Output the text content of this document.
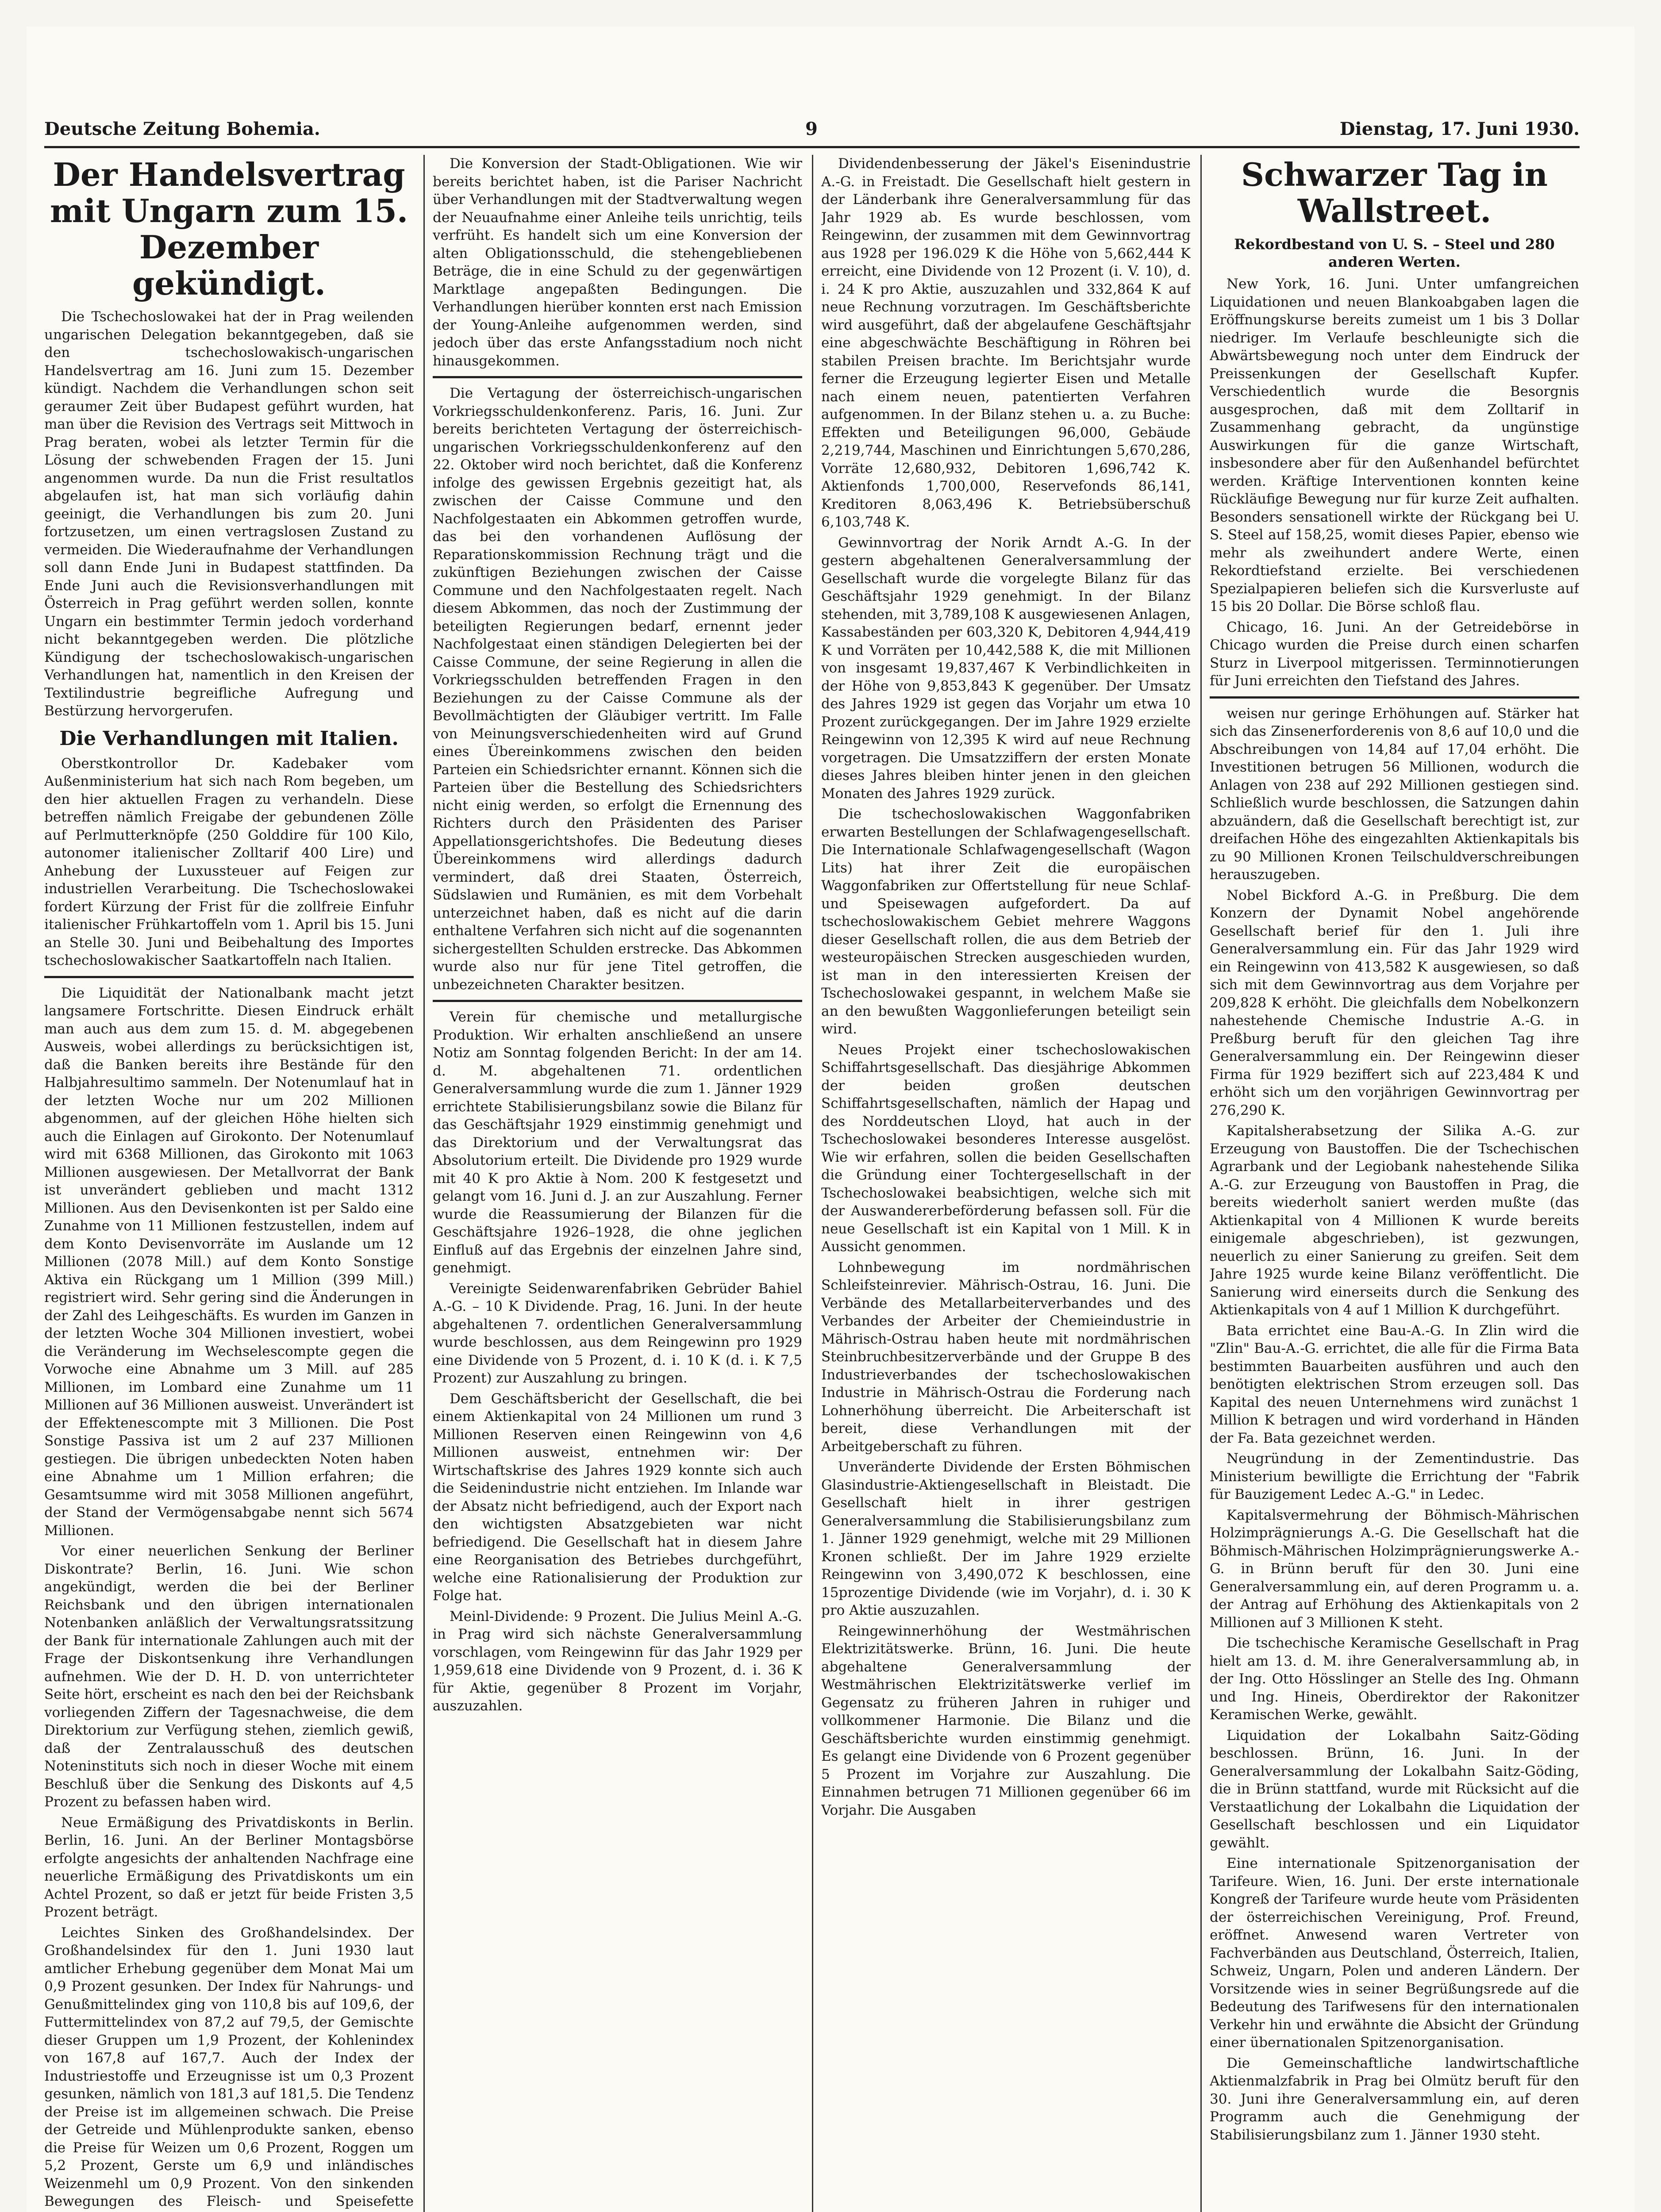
Deutsche Zeitung Bohemia.	9	Dienstag, 17. Juni 1930.
Der Handelsvertrag mit Ungarn zum 15. Dezember gekündigt.

Die Tschechoslowakei hat der in Prag weilenden ungarischen Delegation bekanntgegeben, daß sie den tschechoslowakisch-ungarischen Handelsvertrag am 16. Juni zum 15. Dezember kündigt. Nachdem die Verhandlungen schon seit geraumer Zeit über Budapest geführt wurden, hat man über die Revision des Vertrags seit Mittwoch in Prag beraten, wobei als letzter Termin für die Lösung der schwebenden Fragen der 15. Juni angenommen wurde. Da nun die Frist resultatlos abgelaufen ist, hat man sich vorläufig dahin geeinigt, die Verhandlungen bis zum 20. Juni fortzusetzen, um einen vertragslosen Zustand zu vermeiden. Die Wiederaufnahme der Verhandlungen soll dann Ende Juni in Budapest stattfinden. Da Ende Juni auch die Revisionsverhandlungen mit Österreich in Prag geführt werden sollen, konnte Ungarn ein bestimmter Termin jedoch vorderhand nicht bekanntgegeben werden. Die plötzliche Kündigung der tschechoslowakisch-ungarischen Verhandlungen hat, namentlich in den Kreisen der Textilindustrie begreifliche Aufregung und Bestürzung hervorgerufen.

Die Verhandlungen mit Italien.

Oberstkontrollor Dr. Kadebaker vom Außenministerium hat sich nach Rom begeben, um den hier aktuellen Fragen zu verhandeln. Diese betreffen nämlich Freigabe der gebundenen Zölle auf Perlmutterknöpfe (250 Golddire für 100 Kilo, autonomer italienischer Zolltarif 400 Lire) und Anhebung der Luxussteuer auf Feigen zur industriellen Verarbeitung. Die Tschechoslowakei fordert Kürzung der Frist für die zollfreie Einfuhr italienischer Frühkartoffeln vom 1. April bis 15. Juni an Stelle 30. Juni und Beibehaltung des Importes tschechoslowakischer Saatkartoffeln nach Italien.

Die Liquidität der Nationalbank macht jetzt langsamere Fortschritte. Diesen Eindruck erhält man auch aus dem zum 15. d. M. abgegebenen Ausweis, wobei allerdings zu berücksichtigen ist, daß die Banken bereits ihre Bestände für den Halbjahresultimo sammeln. Der Notenumlauf hat in der letzten Woche nur um 202 Millionen abgenommen, auf der gleichen Höhe hielten sich auch die Einlagen auf Girokonto. Der Notenumlauf wird mit 6368 Millionen, das Girokonto mit 1063 Millionen ausgewiesen. Der Metallvorrat der Bank ist unverändert geblieben und macht 1312 Millionen. Aus den Devisenkonten ist per Saldo eine Zunahme von 11 Millionen festzustellen, indem auf dem Konto Devisenvorräte im Auslande um 12 Millionen (2078 Mill.) auf dem Konto Sonstige Aktiva ein Rückgang um 1 Million (399 Mill.) registriert wird. Sehr gering sind die Änderungen in der Zahl des Leihgeschäfts. Es wurden im Ganzen in der letzten Woche 304 Millionen investiert, wobei die Veränderung im Wechselescompte gegen die Vorwoche eine Abnahme um 3 Mill. auf 285 Millionen, im Lombard eine Zunahme um 11 Millionen auf 36 Millionen ausweist. Unverändert ist der Effektenescompte mit 3 Millionen. Die Post Sonstige Passiva ist um 2 auf 237 Millionen gestiegen. Die übrigen unbedeckten Noten haben eine Abnahme um 1 Million erfahren; die Gesamtsumme wird mit 3058 Millionen angeführt, der Stand der Vermögensabgabe nennt sich 5674 Millionen.

Vor einer neuerlichen Senkung der Berliner Diskontrate? Berlin, 16. Juni. Wie schon angekündigt, werden die bei der Berliner Reichsbank und den übrigen internationalen Notenbanken anläßlich der Verwaltungsratssitzung der Bank für internationale Zahlungen auch mit der Frage der Diskontsenkung ihre Verhandlungen aufnehmen. Wie der D. H. D. von unterrichteter Seite hört, erscheint es nach den bei der Reichsbank vorliegenden Ziffern der Tagesnachweise, die dem Direktorium zur Verfügung stehen, ziemlich gewiß, daß der Zentralausschuß des deutschen Noteninstituts sich noch in dieser Woche mit einem Beschluß über die Senkung des Diskonts auf 4,5 Prozent zu befassen haben wird.

Neue Ermäßigung des Privatdiskonts in Berlin. Berlin, 16. Juni. An der Berliner Montagsbörse erfolgte angesichts der anhaltenden Nachfrage eine neuerliche Ermäßigung des Privatdiskonts um ein Achtel Prozent, so daß er jetzt für beide Fristen 3,5 Prozent beträgt.

Leichtes Sinken des Großhandelsindex. Der Großhandelsindex für den 1. Juni 1930 laut amtlicher Erhebung gegenüber dem Monat Mai um 0,9 Prozent gesunken. Der Index für Nahrungs- und Genußmittelindex ging von 110,8 bis auf 109,6, der Futtermittelindex von 87,2 auf 79,5, der Gemischte dieser Gruppen um 1,9 Prozent, der Kohlenindex von 167,8 auf 167,7. Auch der Index der Industriestoffe und Erzeugnisse ist um 0,3 Prozent gesunken, nämlich von 181,3 auf 181,5. Die Tendenz der Preise ist im allgemeinen schwach. Die Preise der Getreide und Mühlenprodukte sanken, ebenso die Preise für Weizen um 0,6 Prozent, Roggen um 5,2 Prozent, Gerste um 6,9 und inländisches Weizenmehl um 0,9 Prozent. Von den sinkenden Bewegungen des Fleisch- und Speisefette

Die Konversion der Stadt-Obligationen. Wie wir bereits berichtet haben, ist die Pariser Nachricht über Verhandlungen mit der Stadtverwaltung wegen der Neuaufnahme einer Anleihe teils unrichtig, teils verfrüht. Es handelt sich um eine Konversion der alten Obligationsschuld, die stehengebliebenen Beträge, die in eine Schuld zu der gegenwärtigen Marktlage angepaßten Bedingungen. Die Verhandlungen hierüber konnten erst nach Emission der Young-Anleihe aufgenommen werden, sind jedoch über das erste Anfangsstadium noch nicht hinausgekommen.

Die Vertagung der österreichisch-ungarischen Vorkriegsschuldenkonferenz. Paris, 16. Juni. Zur bereits berichteten Vertagung der österreichisch-ungarischen Vorkriegsschuldenkonferenz auf den 22. Oktober wird noch berichtet, daß die Konferenz infolge des gewissen Ergebnis gezeitigt hat, als zwischen der Caisse Commune und den Nachfolgestaaten ein Abkommen getroffen wurde, das bei den vorhandenen Auflösung der Reparationskommission Rechnung trägt und die zukünftigen Beziehungen zwischen der Caisse Commune und den Nachfolgestaaten regelt. Nach diesem Abkommen, das noch der Zustimmung der beteiligten Regierungen bedarf, ernennt jeder Nachfolgestaat einen ständigen Delegierten bei der Caisse Commune, der seine Regierung in allen die Vorkriegsschulden betreffenden Fragen in den Beziehungen zu der Caisse Commune als der Bevollmächtigten der Gläubiger vertritt. Im Falle von Meinungsverschiedenheiten wird auf Grund eines Übereinkommens zwischen den beiden Parteien ein Schiedsrichter ernannt. Können sich die Parteien über die Bestellung des Schiedsrichters nicht einig werden, so erfolgt die Ernennung des Richters durch den Präsidenten des Pariser Appellationsgerichtshofes. Die Bedeutung dieses Übereinkommens wird allerdings dadurch vermindert, daß drei Staaten, Österreich, Südslawien und Rumänien, es mit dem Vorbehalt unterzeichnet haben, daß es nicht auf die darin enthaltene Verfahren sich nicht auf die sogenannten sichergestellten Schulden erstrecke. Das Abkommen wurde also nur für jene Titel getroffen, die unbezeichneten Charakter besitzen.

Verein für chemische und metallurgische Produktion. Wir erhalten anschließend an unsere Notiz am Sonntag folgenden Bericht: In der am 14. d. M. abgehaltenen 71. ordentlichen Generalversammlung wurde die zum 1. Jänner 1929 errichtete Stabilisierungsbilanz sowie die Bilanz für das Geschäftsjahr 1929 einstimmig genehmigt und das Direktorium und der Verwaltungsrat das Absolutorium erteilt. Die Dividende pro 1929 wurde mit 40 K pro Aktie à Nom. 200 K festgesetzt und gelangt vom 16. Juni d. J. an zur Auszahlung. Ferner wurde die Reassumierung der Bilanzen für die Geschäftsjahre 1926–1928, die ohne jeglichen Einfluß auf das Ergebnis der einzelnen Jahre sind, genehmigt.

Vereinigte Seidenwarenfabriken Gebrüder Bahiel A.-G. – 10 K Dividende. Prag, 16. Juni. In der heute abgehaltenen 7. ordentlichen Generalversammlung wurde beschlossen, aus dem Reingewinn pro 1929 eine Dividende von 5 Prozent, d. i. 10 K (d. i. K 7,5 Prozent) zur Auszahlung zu bringen.

Dem Geschäftsbericht der Gesellschaft, die bei einem Aktienkapital von 24 Millionen um rund 3 Millionen Reserven einen Reingewinn von 4,6 Millionen ausweist, entnehmen wir: Der Wirtschaftskrise des Jahres 1929 konnte sich auch die Seidenindustrie nicht entziehen. Im Inlande war der Absatz nicht befriedigend, auch der Export nach den wichtigsten Absatzgebieten war nicht befriedigend. Die Gesellschaft hat in diesem Jahre eine Reorganisation des Betriebes durchgeführt, welche eine Rationalisierung der Produktion zur Folge hat.

Meinl-Dividende: 9 Prozent. Die Julius Meinl A.-G. in Prag wird sich nächste Generalversammlung vorschlagen, vom Reingewinn für das Jahr 1929 per 1,959,618 eine Dividende von 9 Prozent, d. i. 36 K für Aktie, gegenüber 8 Prozent im Vorjahr, auszuzahlen.

Dividendenbesserung der Jäkel's Eisenindustrie A.-G. in Freistadt. Die Gesellschaft hielt gestern in der Länderbank ihre Generalversammlung für das Jahr 1929 ab. Es wurde beschlossen, vom Reingewinn, der zusammen mit dem Gewinnvortrag aus 1928 per 196.029 K die Höhe von 5,662,444 K erreicht, eine Dividende von 12 Prozent (i. V. 10), d. i. 24 K pro Aktie, auszuzahlen und 332,864 K auf neue Rechnung vorzutragen. Im Geschäftsberichte wird ausgeführt, daß der abgelaufene Geschäftsjahr eine abgeschwächte Beschäftigung in Röhren bei stabilen Preisen brachte. Im Berichtsjahr wurde ferner die Erzeugung legierter Eisen und Metalle nach einem neuen, patentierten Verfahren aufgenommen. In der Bilanz stehen u. a. zu Buche: Effekten und Beteiligungen 96,000, Gebäude 2,219,744, Maschinen und Einrichtungen 5,670,286, Vorräte 12,680,932, Debitoren 1,696,742 K. Aktienfonds 1,700,000, Reservefonds 86,141, Kreditoren 8,063,496 K. Betriebsüberschuß 6,103,748 K.

Gewinnvortrag der Norik Arndt A.-G. In der gestern abgehaltenen Generalversammlung der Gesellschaft wurde die vorgelegte Bilanz für das Geschäftsjahr 1929 genehmigt. In der Bilanz stehenden, mit 3,789,108 K ausgewiesenen Anlagen, Kassabeständen per 603,320 K, Debitoren 4,944,419 K und Vorräten per 10,442,588 K, die mit Millionen von insgesamt 19,837,467 K Verbindlichkeiten in der Höhe von 9,853,843 K gegenüber. Der Umsatz des Jahres 1929 ist gegen das Vorjahr um etwa 10 Prozent zurückgegangen. Der im Jahre 1929 erzielte Reingewinn von 12,395 K wird auf neue Rechnung vorgetragen. Die Umsatzziffern der ersten Monate dieses Jahres bleiben hinter jenen in den gleichen Monaten des Jahres 1929 zurück.

Die tschechoslowakischen Waggonfabriken erwarten Bestellungen der Schlafwagengesellschaft. Die Internationale Schlafwagengesellschaft (Wagon Lits) hat ihrer Zeit die europäischen Waggonfabriken zur Offertstellung für neue Schlaf- und Speisewagen aufgefordert. Da auf tschechoslowakischem Gebiet mehrere Waggons dieser Gesellschaft rollen, die aus dem Betrieb der westeuropäischen Strecken ausgeschieden wurden, ist man in den interessierten Kreisen der Tschechoslowakei gespannt, in welchem Maße sie an den bewußten Waggonlieferungen beteiligt sein wird.

Neues Projekt einer tschechoslowakischen Schiffahrtsgesellschaft. Das diesjährige Abkommen der beiden großen deutschen Schiffahrtsgesellschaften, nämlich der Hapag und des Norddeutschen Lloyd, hat auch in der Tschechoslowakei besonderes Interesse ausgelöst. Wie wir erfahren, sollen die beiden Gesellschaften die Gründung einer Tochtergesellschaft in der Tschechoslowakei beabsichtigen, welche sich mit der Auswandererbeförderung befassen soll. Für die neue Gesellschaft ist ein Kapital von 1 Mill. K in Aussicht genommen.

Lohnbewegung im nordmährischen Schleifsteinrevier. Mährisch-Ostrau, 16. Juni. Die Verbände des Metallarbeiterverbandes und des Verbandes der Arbeiter der Chemieindustrie in Mährisch-Ostrau haben heute mit nordmährischen Steinbruchbesitzerverbände und der Gruppe B des Industrieverbandes der tschechoslowakischen Industrie in Mährisch-Ostrau die Forderung nach Lohnerhöhung überreicht. Die Arbeiterschaft ist bereit, diese Verhandlungen mit der Arbeitgeberschaft zu führen.

Unveränderte Dividende der Ersten Böhmischen Glasindustrie-Aktiengesellschaft in Bleistadt. Die Gesellschaft hielt in ihrer gestrigen Generalversammlung die Stabilisierungsbilanz zum 1. Jänner 1929 genehmigt, welche mit 29 Millionen Kronen schließt. Der im Jahre 1929 erzielte Reingewinn von 3,490,072 K beschlossen, eine 15prozentige Dividende (wie im Vorjahr), d. i. 30 K pro Aktie auszuzahlen.

Reingewinnerhöhung der Westmährischen Elektrizitätswerke. Brünn, 16. Juni. Die heute abgehaltene Generalversammlung der Westmährischen Elektrizitätswerke verlief im Gegensatz zu früheren Jahren in ruhiger und vollkommener Harmonie. Die Bilanz und die Geschäftsberichte wurden einstimmig genehmigt. Es gelangt eine Dividende von 6 Prozent gegenüber 5 Prozent im Vorjahre zur Auszahlung. Die Einnahmen betrugen 71 Millionen gegenüber 66 im Vorjahr. Die Ausgaben

Schwarzer Tag in Wallstreet.
Rekordbestand von U. S. – Steel und 280 anderen Werten.

New York, 16. Juni. Unter umfangreichen Liquidationen und neuen Blankoabgaben lagen die Eröffnungskurse bereits zumeist um 1 bis 3 Dollar niedriger. Im Verlaufe beschleunigte sich die Abwärtsbewegung noch unter dem Eindruck der Preissenkungen der Gesellschaft Kupfer. Verschiedentlich wurde die Besorgnis ausgesprochen, daß mit dem Zolltarif in Zusammenhang gebracht, da ungünstige Auswirkungen für die ganze Wirtschaft, insbesondere aber für den Außenhandel befürchtet werden. Kräftige Interventionen konnten keine Rückläufige Bewegung nur für kurze Zeit aufhalten. Besonders sensationell wirkte der Rückgang bei U. S. Steel auf 158,25, womit dieses Papier, ebenso wie mehr als zweihundert andere Werte, einen Rekordtiefstand erzielte. Bei verschiedenen Spezialpapieren beliefen sich die Kursverluste auf 15 bis 20 Dollar. Die Börse schloß flau.

Chicago, 16. Juni. An der Getreidebörse in Chicago wurden die Preise durch einen scharfen Sturz in Liverpool mitgerissen. Terminnotierungen für Juni erreichten den Tiefstand des Jahres.

weisen nur geringe Erhöhungen auf. Stärker hat sich das Zinsenerforderenis von 8,6 auf 10,0 und die Abschreibungen von 14,84 auf 17,04 erhöht. Die Investitionen betrugen 56 Millionen, wodurch die Anlagen von 238 auf 292 Millionen gestiegen sind. Schließlich wurde beschlossen, die Satzungen dahin abzuändern, daß die Gesellschaft berechtigt ist, zur dreifachen Höhe des eingezahlten Aktienkapitals bis zu 90 Millionen Kronen Teilschuldverschreibungen herauszugeben.

Nobel Bickford A.-G. in Preßburg. Die dem Konzern der Dynamit Nobel angehörende Gesellschaft berief für den 1. Juli ihre Generalversammlung ein. Für das Jahr 1929 wird ein Reingewinn von 413,582 K ausgewiesen, so daß sich mit dem Gewinnvortrag aus dem Vorjahre per 209,828 K erhöht. Die gleichfalls dem Nobelkonzern nahestehende Chemische Industrie A.-G. in Preßburg beruft für den gleichen Tag ihre Generalversammlung ein. Der Reingewinn dieser Firma für 1929 beziffert sich auf 223,484 K und erhöht sich um den vorjährigen Gewinnvortrag per 276,290 K.

Kapitalsherabsetzung der Silika A.-G. zur Erzeugung von Baustoffen. Die der Tschechischen Agrarbank und der Legiobank nahestehende Silika A.-G. zur Erzeugung von Baustoffen in Prag, die bereits wiederholt saniert werden mußte (das Aktienkapital von 4 Millionen K wurde bereits einigemale abgeschrieben), ist gezwungen, neuerlich zu einer Sanierung zu greifen. Seit dem Jahre 1925 wurde keine Bilanz veröffentlicht. Die Sanierung wird einerseits durch die Senkung des Aktienkapitals von 4 auf 1 Million K durchgeführt.

Bata errichtet eine Bau-A.-G. In Zlin wird die "Zlin" Bau-A.-G. errichtet, die alle für die Firma Bata bestimmten Bauarbeiten ausführen und auch den benötigten elektrischen Strom erzeugen soll. Das Kapital des neuen Unternehmens wird zunächst 1 Million K betragen und wird vorderhand in Händen der Fa. Bata gezeichnet werden.

Neugründung in der Zementindustrie. Das Ministerium bewilligte die Errichtung der "Fabrik für Bauzigement Ledec A.-G." in Ledec.

Kapitalsvermehrung der Böhmisch-Mährischen Holzimprägnierungs A.-G. Die Gesellschaft hat die Böhmisch-Mährischen Holzimprägnierungswerke A.-G. in Brünn beruft für den 30. Juni eine Generalversammlung ein, auf deren Programm u. a. der Antrag auf Erhöhung des Aktienkapitals von 2 Millionen auf 3 Millionen K steht.

Die tschechische Keramische Gesellschaft in Prag hielt am 13. d. M. ihre Generalversammlung ab, in der Ing. Otto Hösslinger an Stelle des Ing. Ohmann und Ing. Hineis, Oberdirektor der Rakonitzer Keramischen Werke, gewählt.

Liquidation der Lokalbahn Saitz-Göding beschlossen. Brünn, 16. Juni. In der Generalversammlung der Lokalbahn Saitz-Göding, die in Brünn stattfand, wurde mit Rücksicht auf die Verstaatlichung der Lokalbahn die Liquidation der Gesellschaft beschlossen und ein Liquidator gewählt.

Eine internationale Spitzenorganisation der Tarifeure. Wien, 16. Juni. Der erste internationale Kongreß der Tarifeure wurde heute vom Präsidenten der österreichischen Vereinigung, Prof. Freund, eröffnet. Anwesend waren Vertreter von Fachverbänden aus Deutschland, Österreich, Italien, Schweiz, Ungarn, Polen und anderen Ländern. Der Vorsitzende wies in seiner Begrüßungsrede auf die Bedeutung des Tarifwesens für den internationalen Verkehr hin und erwähnte die Absicht der Gründung einer übernationalen Spitzenorganisation.

Die Gemeinschaftliche landwirtschaftliche Aktienmalzfabrik in Prag bei Olmütz beruft für den 30. Juni ihre Generalversammlung ein, auf deren Programm auch die Genehmigung der Stabilisierungsbilanz zum 1. Jänner 1930 steht.
